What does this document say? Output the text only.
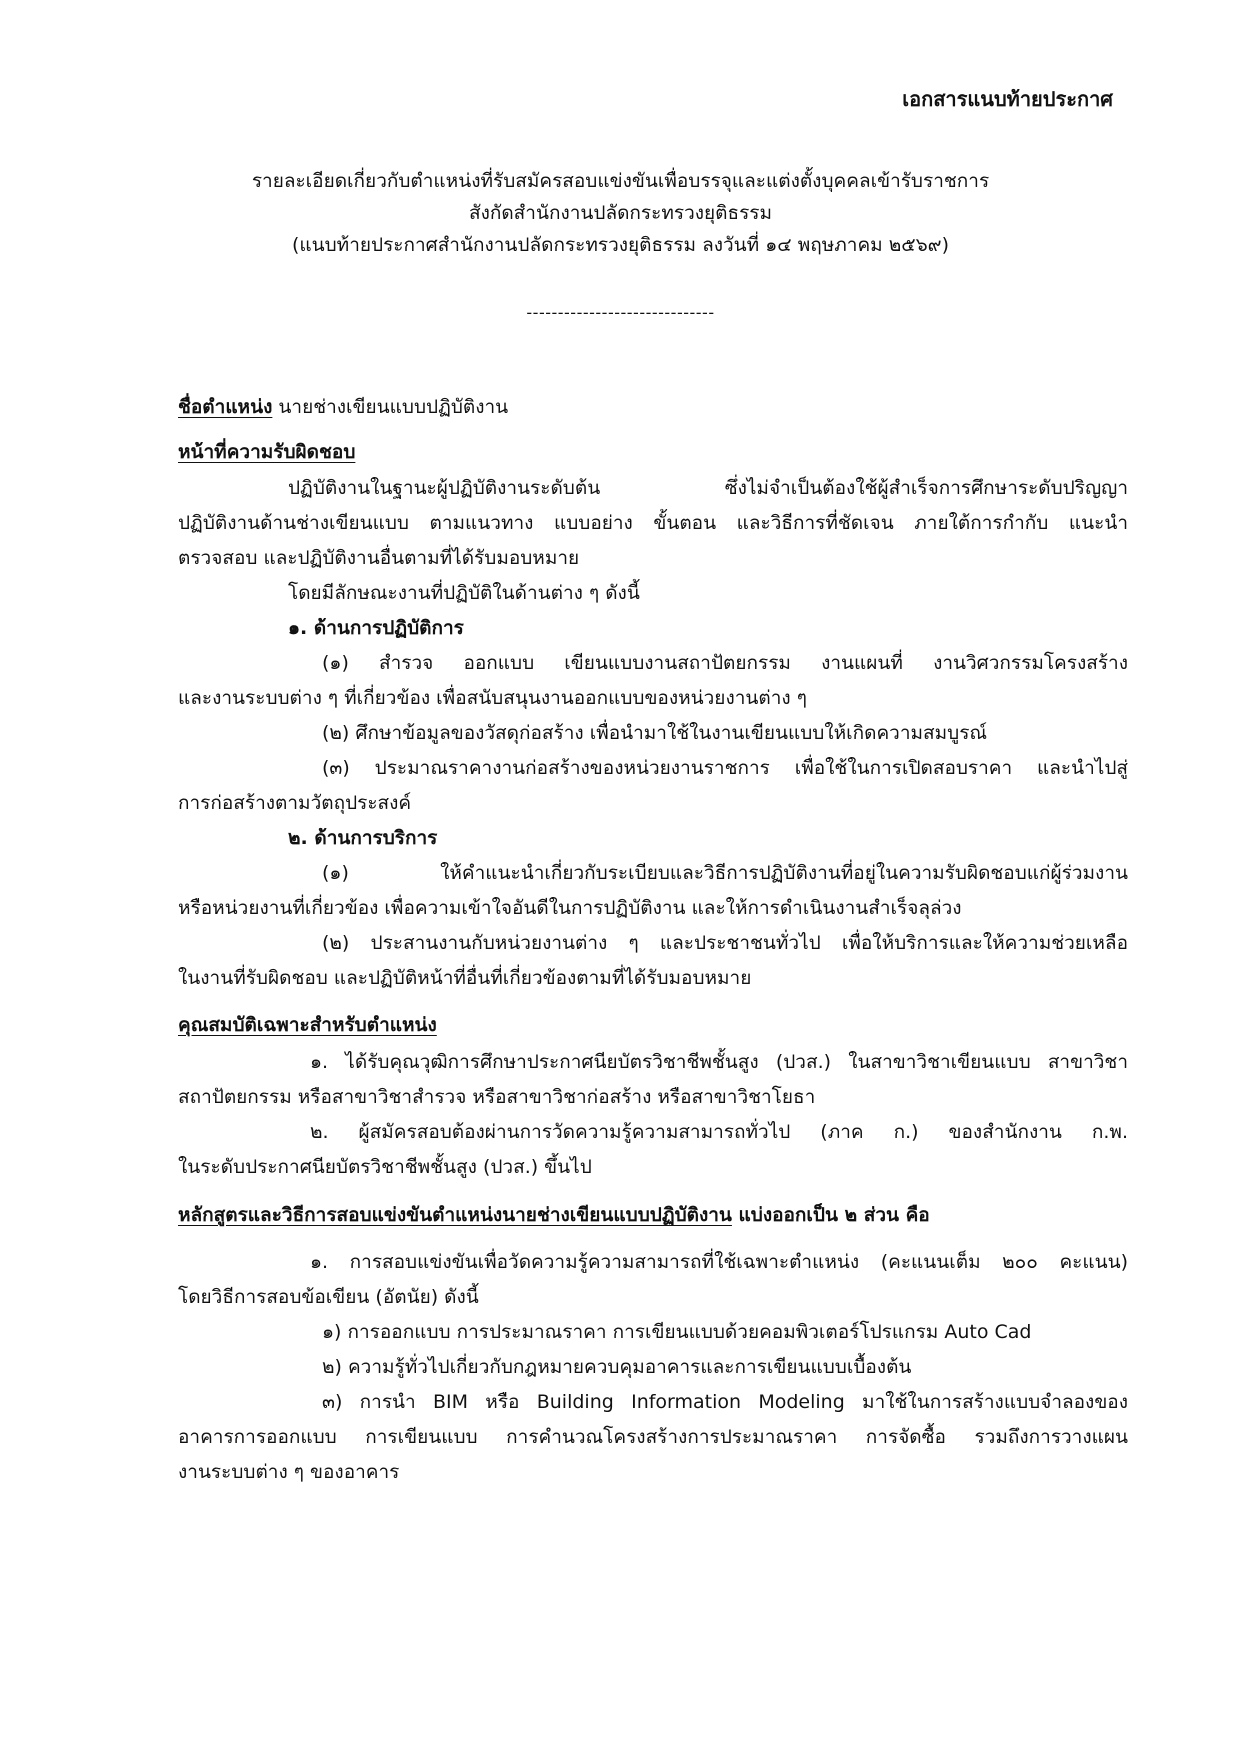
เอกสารแนบท้ายประกาศ
รายละเอียดเกี่ยวกับตำแหน่งที่รับสมัครสอบแข่งขันเพื่อบรรจุและแต่งตั้งบุคคลเข้ารับราชการ
สังกัดสำนักงานปลัดกระทรวงยุติธรรม
(แนบท้ายประกาศสำนักงานปลัดกระทรวงยุติธรรม ลงวันที่ ๑๔ พฤษภาคม ๒๕๖๙)
------------------------------
ชื่อตำแหน่ง นายช่างเขียนแบบปฏิบัติงาน
หน้าที่ความรับผิดชอบ
ปฏิบัติงานในฐานะผู้ปฏิบัติงานระดับต้น ซึ่งไม่จำเป็นต้องใช้ผู้สำเร็จการศึกษาระดับปริญญา
ปฏิบัติงานด้านช่างเขียนแบบ ตามแนวทาง แบบอย่าง ขั้นตอน และวิธีการที่ชัดเจน ภายใต้การกำกับ แนะนำ
ตรวจสอบ และปฏิบัติงานอื่นตามที่ได้รับมอบหมาย
โดยมีลักษณะงานที่ปฏิบัติในด้านต่าง ๆ ดังนี้
๑. ด้านการปฏิบัติการ
(๑) สำรวจ ออกแบบ เขียนแบบงานสถาปัตยกรรม งานแผนที่ งานวิศวกรรมโครงสร้าง
และงานระบบต่าง ๆ ที่เกี่ยวข้อง เพื่อสนับสนุนงานออกแบบของหน่วยงานต่าง ๆ
(๒) ศึกษาข้อมูลของวัสดุก่อสร้าง เพื่อนำมาใช้ในงานเขียนแบบให้เกิดความสมบูรณ์
(๓) ประมาณราคางานก่อสร้างของหน่วยงานราชการ เพื่อใช้ในการเปิดสอบราคา และนำไปสู่
การก่อสร้างตามวัตถุประสงค์
๒. ด้านการบริการ
(๑) ให้คำแนะนำเกี่ยวกับระเบียบและวิธีการปฏิบัติงานที่อยู่ในความรับผิดชอบแก่ผู้ร่วมงาน
หรือหน่วยงานที่เกี่ยวข้อง เพื่อความเข้าใจอันดีในการปฏิบัติงาน และให้การดำเนินงานสำเร็จลุล่วง
(๒) ประสานงานกับหน่วยงานต่าง ๆ และประชาชนทั่วไป เพื่อให้บริการและให้ความช่วยเหลือ
ในงานที่รับผิดชอบ และปฏิบัติหน้าที่อื่นที่เกี่ยวข้องตามที่ได้รับมอบหมาย
คุณสมบัติเฉพาะสำหรับตำแหน่ง
๑. ได้รับคุณวุฒิการศึกษาประกาศนียบัตรวิชาชีพชั้นสูง (ปวส.) ในสาขาวิชาเขียนแบบ สาขาวิชา
สถาปัตยกรรม หรือสาขาวิชาสำรวจ หรือสาขาวิชาก่อสร้าง หรือสาขาวิชาโยธา
๒. ผู้สมัครสอบต้องผ่านการวัดความรู้ความสามารถทั่วไป (ภาค ก.) ของสำนักงาน ก.พ.
ในระดับประกาศนียบัตรวิชาชีพชั้นสูง (ปวส.) ขึ้นไป
หลักสูตรและวิธีการสอบแข่งขันตำแหน่งนายช่างเขียนแบบปฏิบัติงาน แบ่งออกเป็น ๒ ส่วน คือ
๑. การสอบแข่งขันเพื่อวัดความรู้ความสามารถที่ใช้เฉพาะตำแหน่ง (คะแนนเต็ม ๒๐๐ คะแนน)
โดยวิธีการสอบข้อเขียน (อัตนัย) ดังนี้
๑) การออกแบบ การประมาณราคา การเขียนแบบด้วยคอมพิวเตอร์โปรแกรม Auto Cad
๒) ความรู้ทั่วไปเกี่ยวกับกฎหมายควบคุมอาคารและการเขียนแบบเบื้องต้น
๓) การนำ BIM หรือ Building Information Modeling มาใช้ในการสร้างแบบจำลองของ
อาคารการออกแบบ การเขียนแบบ การคำนวณโครงสร้างการประมาณราคา การจัดซื้อ รวมถึงการวางแผน
งานระบบต่าง ๆ ของอาคาร
